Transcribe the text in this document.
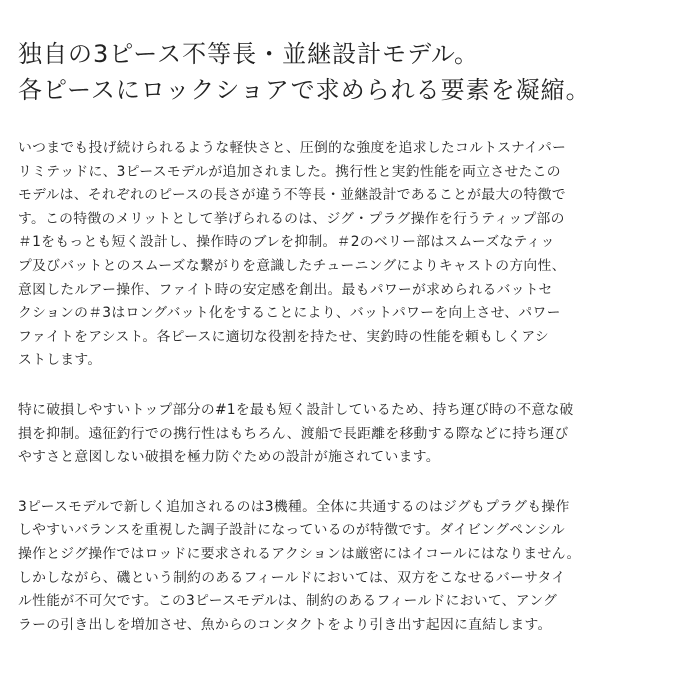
独自の3ピース不等長・並継設計モデル。
各ピースにロックショアで求められる要素を凝縮。

いつまでも投げ続けられるような軽快さと、圧倒的な強度を追求したコルトスナイパー
リミテッドに、3ピースモデルが追加されました。携行性と実釣性能を両立させたこの
モデルは、それぞれのピースの長さが違う不等長・並継設計であることが最大の特徴で
す。この特徴のメリットとして挙げられるのは、ジグ・プラグ操作を行うティップ部の
＃1をもっとも短く設計し、操作時のブレを抑制。＃2のベリー部はスムーズなティッ
プ及びバットとのスムーズな繋がりを意識したチューニングによりキャストの方向性、
意図したルアー操作、ファイト時の安定感を創出。最もパワーが求められるバットセ
クションの＃3はロングバット化をすることにより、バットパワーを向上させ、パワー
ファイトをアシスト。各ピースに適切な役割を持たせ、実釣時の性能を頼もしくアシ
ストします。

特に破損しやすいトップ部分の#1を最も短く設計しているため、持ち運び時の不意な破
損を抑制。遠征釣行での携行性はもちろん、渡船で長距離を移動する際などに持ち運び
やすさと意図しない破損を極力防ぐための設計が施されています。

3ピースモデルで新しく追加されるのは3機種。全体に共通するのはジグもプラグも操作
しやすいバランスを重視した調子設計になっているのが特徴です。ダイビングペンシル
操作とジグ操作ではロッドに要求されるアクションは厳密にはイコールにはなりません。
しかしながら、磯という制約のあるフィールドにおいては、双方をこなせるバーサタイ
ル性能が不可欠です。この3ピースモデルは、制約のあるフィールドにおいて、アング
ラーの引き出しを増加させ、魚からのコンタクトをより引き出す起因に直結します。
